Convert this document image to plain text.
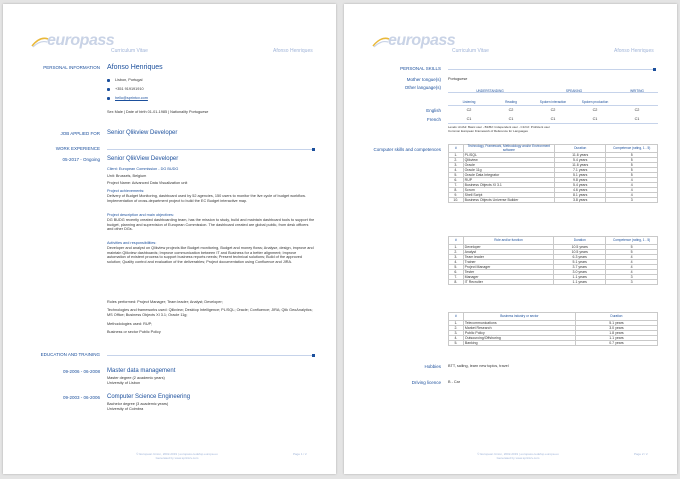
europass
Curriculum Vitae	Afonso Henriques
PERSONAL INFORMATION Afonso Henriques
Lisbon, Portugal
+351 919191910
hello@sprintcv.com
Sex Male | Date of birth 01-01-1985 | Nationality Portuguese
JOB APPLIED FOR Senior Qlikview Developer
WORK EXPERIENCE
05-2017 - Ongoing Senior QlikView Developer
Client: European Commission - DG BUDG
Unit: Brussels, Belgium
Project Name: Advanced Data Visualization unit
Project achievements:
Delivery of Budget Monitoring, dashboard used by 52 agencies, 150 users to monitor the live cycle of budget workflow. Implementation of cross-department project to build the EC Budget interactive map.
Project description and main objectives:
DG BUDG recently created dashboarding team, has the mission to study, build and maintain dashboard tools to support the budget, planning and supervision of European Commission. The dashboard created are global public, from desk officers and other DGs.
Activities and responsibilities:
Developer and analyst on Qlikview projects like Budget monitoring, Budget and money flows; Analyse, design, improve and maintain Qlikview dashboards; Improve communication between IT and Business for a better alignment; Improve automation of existent process to support business reports needs; Present technical solutions; Build of the approved solution; Quality control and evaluation of the deliverables; Project documentation using Confluence and JIRA.
Roles performed: Project Manager; Team leader; Analyst; Developer;
Technologies and frameworks used: Qlikview; Desktop Intelligence; PL/SQL; Oracle; Confluence; JIRA; Qlik GeoAnalytics; MS Office; Business Objects XI 3.1; Oracle 11g;
Methodologies used: RUP;
Business or sector Public Policy
EDUCATION AND TRAINING
09-2006 - 06-2008 Master data management
Master degree (2 academic years)
University of Lisbon
09-2003 - 06-2006 Computer Science Engineering
Bachelor degree (3 academic years)
University of Coimbra
© European Union, 2002-2019 | europass.cedefop.europa.eu
Generated by www.sprintcv.com
Page 1 / 2
europass
Curriculum Vitae	Afonso Henriques
PERSONAL SKILLS
Mother tongue(s) Portuguese
Other language(s)
UNDERSTANDING	SPEAKING	WRITING
Listening	Reading	Spoken interaction	Spoken production
English	C2	C2	C2	C2	C2
French	C1	C1	C1	C1	C1
Levels: A1/A2: Basic user - B1/B2: Independent user - C1/C2: Proficient user
Common European Framework of Reference for Languages
Computer skills and competences	#	Technology, Framework, Methodology and/or Environment software	Duration	Competence (rating, 1 - 5)
1.	PL/SQL	11.6 years	5
2.	Qlikview	5.4 years	5
3.	Oracle	11.6 years	5
4.	Oracle 11g	7.1 years	5
5.	Oracle Data Integrator	5.1 years	5
6.	RUP	9.8 years	4
7.	Business Objects XI 3.1	5.4 years	4
8.	Scrum	4.6 years	4
9.	Shell Script	8.1 years	4
10.	Business Objects Universe Builder	3.8 years	3
#	Role and/or function	Duration	Competence (rating, 1 - 5)
1.	Developer	10.5 years	5
2.	Analyst	10.5 years	5
3.	Team leader	6.3 years	4
4.	Trainer	5.1 years	4
5.	Project Manager	3.7 years	4
6.	Tester	3.0 years	4
7.	Manager	1.1 years	3
8.	IT Recruiter	1.1 years	3
#	Business industry or sector	Duration
1.	Telecommunications	5.1 years
2.	Market Research	3.0 years
3.	Public Policy	1.8 years
4.	Outsourcing/Offshoring	1.1 years
5.	Banking	0.7 years
Hobbies BTT, sailing, learn new topics, travel
Driving licence B - Car
© European Union, 2002-2019 | europass.cedefop.europa.eu
Generated by www.sprintcv.com
Page 2 / 2
